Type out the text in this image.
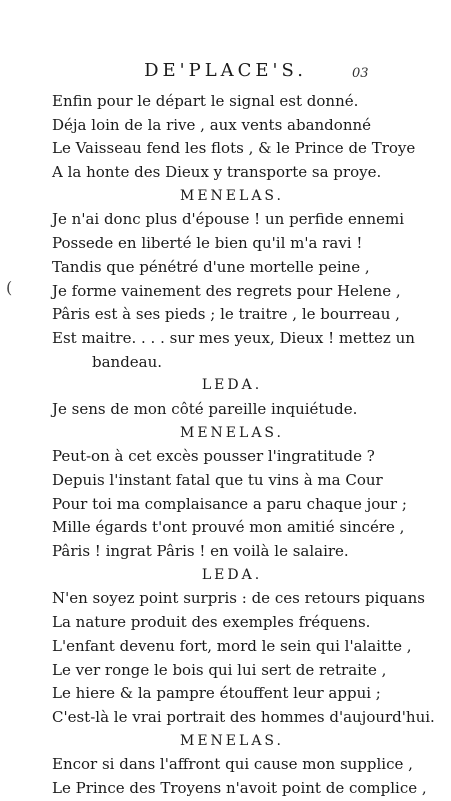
(
DE'PLACE'S.	03
Enfin pour le départ le signal est donné.
Déja loin de la rive , aux vents abandonné
Le Vaisseau fend les flots , & le Prince de Troye
A la honte des Dieux y transporte sa proye.
MENELAS.
Je n'ai donc plus d'épouse ! un perfide ennemi
Possede en liberté le bien qu'il m'a ravi !
Tandis que pénétré d'une mortelle peine ,
Je forme vainement des regrets pour Helene ,
Pâris est à ses pieds ; le traitre , le bourreau ,
Est maitre. . . . sur mes yeux, Dieux ! mettez un
bandeau.
LEDA.
Je sens de mon côté pareille inquiétude.
MENELAS.
Peut-on à cet excès pousser l'ingratitude ?
Depuis l'instant fatal que tu vins à ma Cour
Pour toi ma complaisance a paru chaque jour ;
Mille égards t'ont prouvé mon amitié sincére ,
Pâris ! ingrat Pâris ! en voilà le salaire.
LEDA.
N'en soyez point surpris : de ces retours piquans
La nature produit des exemples fréquens.
L'enfant devenu fort, mord le sein qui l'alaitte ,
Le ver ronge le bois qui lui sert de retraite ,
Le hiere & la pampre étouffent leur appui ;
C'est-là le vrai portrait des hommes d'aujourd'hui.
MENELAS.
Encor si dans l'affront qui cause mon supplice ,
Le Prince des Troyens n'avoit point de complice ,
